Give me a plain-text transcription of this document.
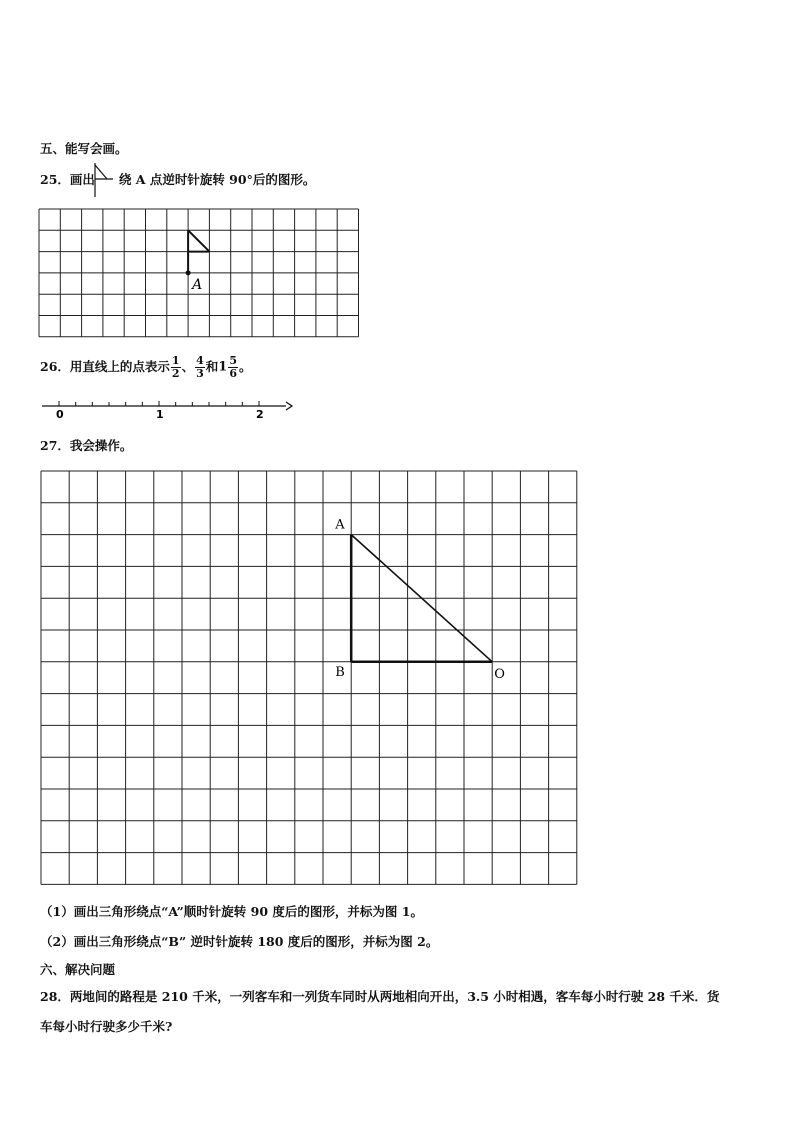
五、能写会画。
25．画出 绕 A 点逆时针旋转 90°后的图形。
A
26．用直线上的点表示 $\frac{1}{2}$ 、 $\frac{4}{3}$ 和$1 \frac{5}{6}$ 。
0	1	2
27．我会操作。
A
B	O
（1）画出三角形绕点“A”顺时针旋转 90 度后的图形，并标为图 1。
（2）画出三角形绕点“B” 逆时针旋转 180 度后的图形，并标为图 2。
六、解决问题
28．两地间的路程是 210 千米，一列客车和一列货车同时从两地相向开出，3.5 小时相遇，客车每小时行驶 28 千米．货
车每小时行驶多少千米?
